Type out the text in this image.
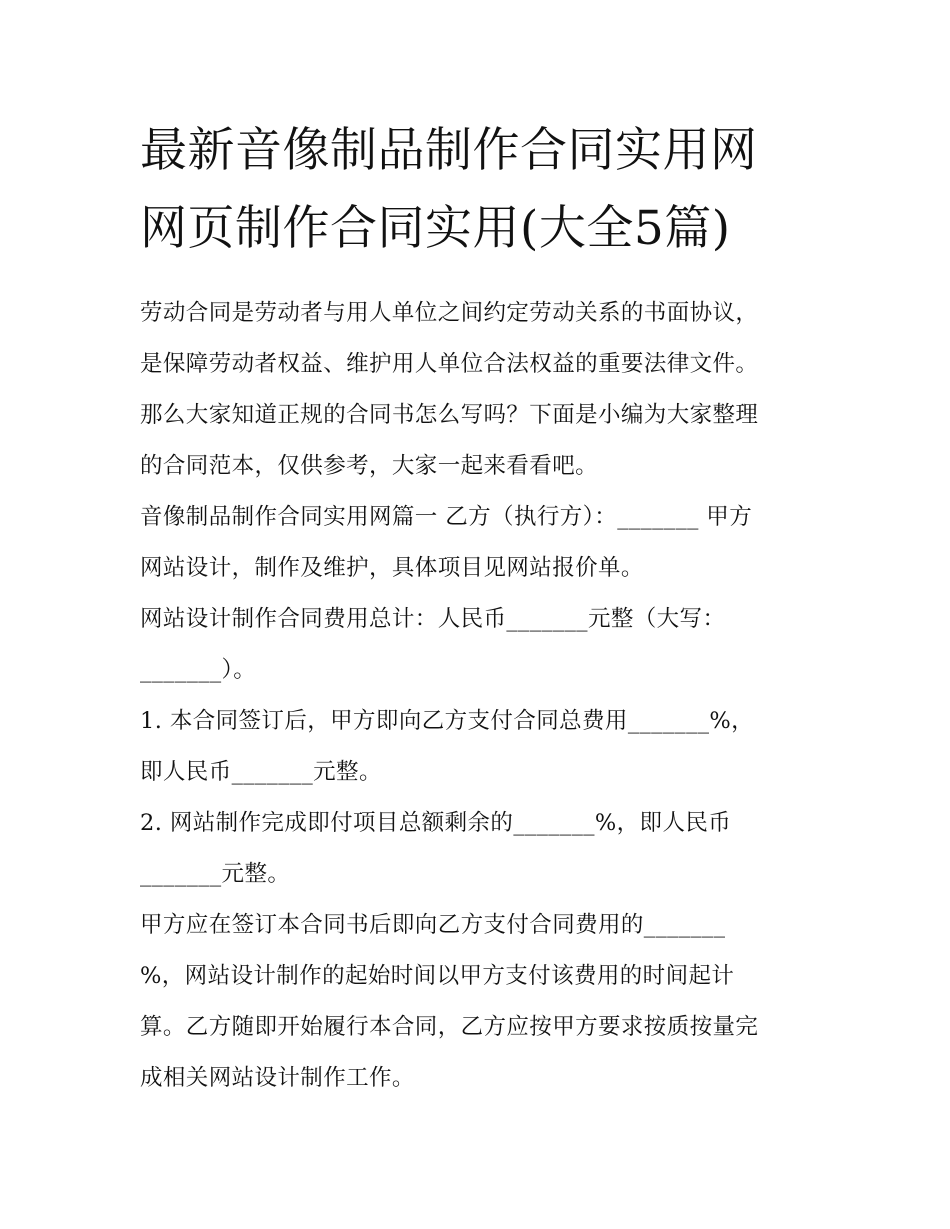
最新音像制品制作合同实用网
网页制作合同实用(大全5篇)

劳动合同是劳动者与用人单位之间约定劳动关系的书面协议，
是保障劳动者权益、维护用人单位合法权益的重要法律文件。
那么大家知道正规的合同书怎么写吗？下面是小编为大家整理
的合同范本，仅供参考，大家一起来看看吧。

音像制品制作合同实用网篇一 乙方（执行方）：_______ 甲方
网站设计，制作及维护，具体项目见网站报价单。

网站设计制作合同费用总计：人民币_______元整（大写：
_______）。

1. 本合同签订后，甲方即向乙方支付合同总费用_______%，
即人民币_______元整。

2. 网站制作完成即付项目总额剩余的_______%，即人民币
_______元整。

甲方应在签订本合同书后即向乙方支付合同费用的_______
%，网站设计制作的起始时间以甲方支付该费用的时间起计
算。乙方随即开始履行本合同，乙方应按甲方要求按质按量完
成相关网站设计制作工作。
